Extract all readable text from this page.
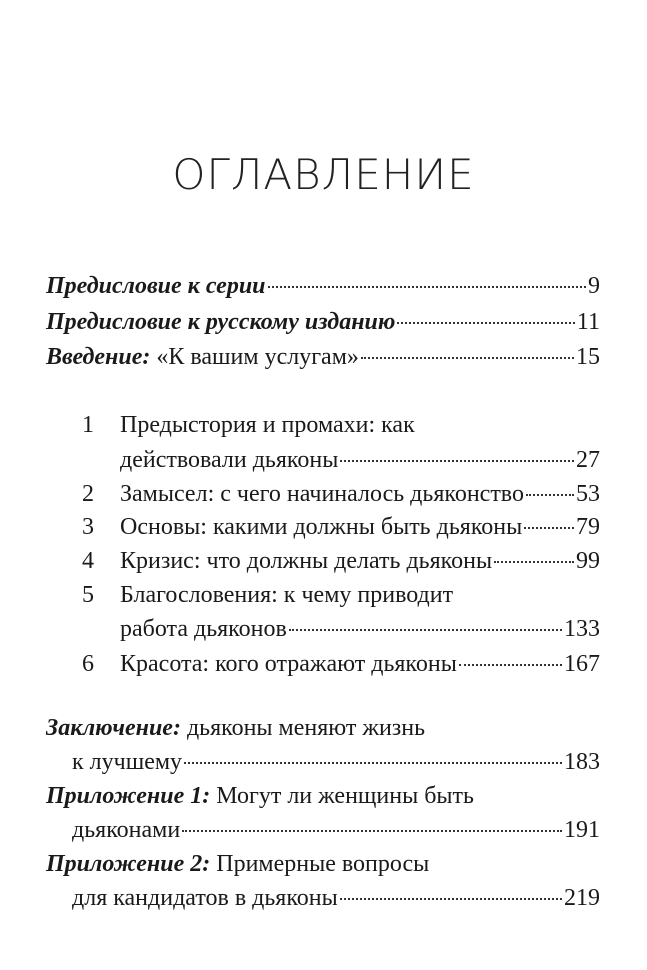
ОГЛАВЛЕНИЕ
Предисловие к серии	9
Предисловие к русскому изданию	11
Введение: «К вашим услугам»	15
1	Предыстория и промахи: как
действовали дьяконы	27
2	Замысел: с чего начиналось дьяконство 53
3	Основы: какими должны быть дьяконы 79
4	Кризис: что должны делать дьяконы	99
5	Благословения: к чему приводит
работа дьяконов	133
6	Красота: кого отражают дьяконы	167
Заключение: дьяконы меняют жизнь
к лучшему	183
Приложение 1: Могут ли женщины быть
дьяконами	191
Приложение 2: Примерные вопросы
для кандидатов в дьяконы	219
